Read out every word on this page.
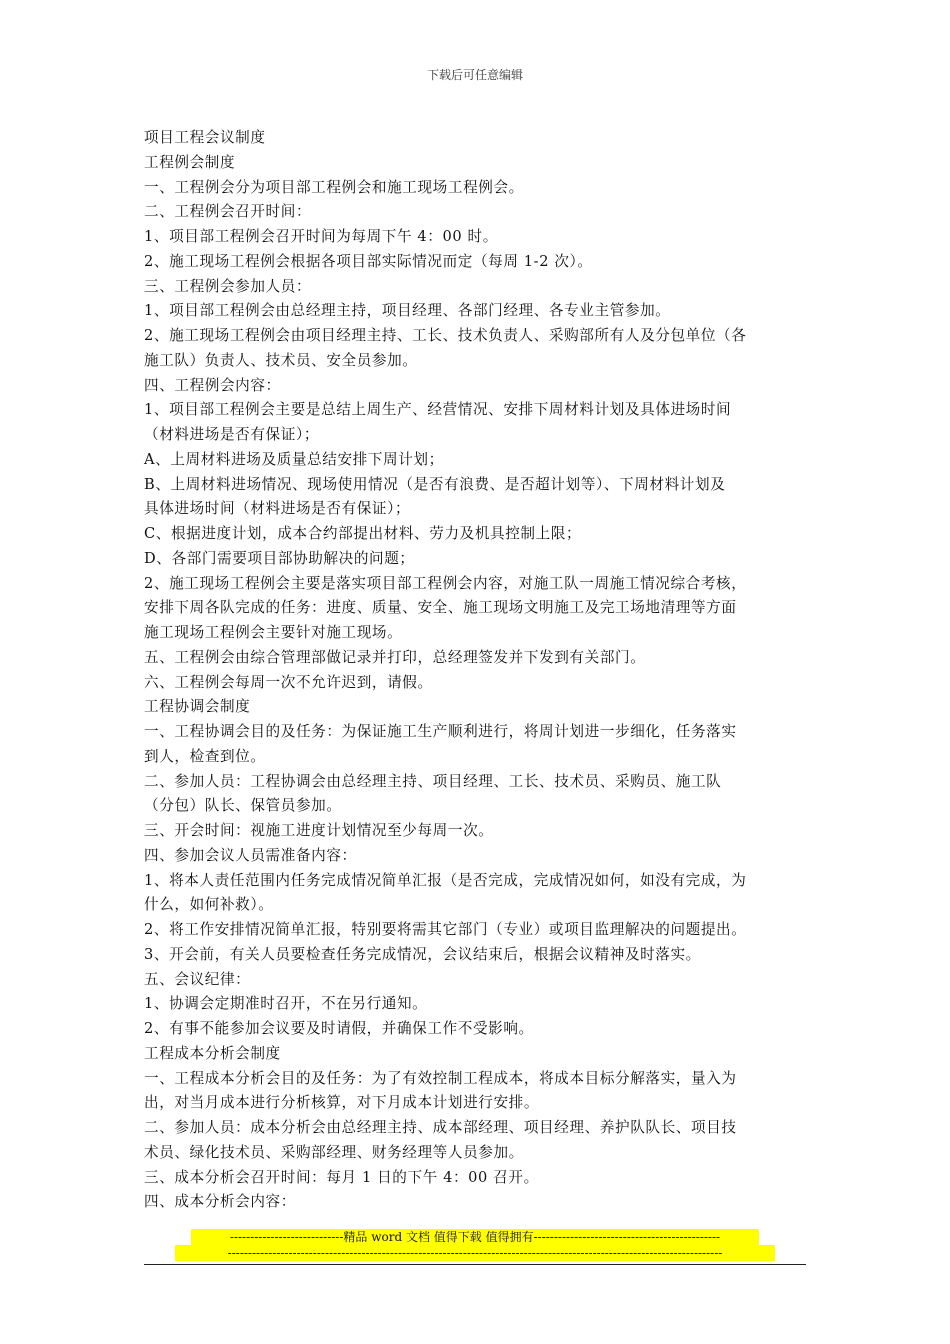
下载后可任意编辑
项目工程会议制度
工程例会制度
一、工程例会分为项目部工程例会和施工现场工程例会。
二、工程例会召开时间：
1、项目部工程例会召开时间为每周下午 4：00 时。
2、施工现场工程例会根据各项目部实际情况而定（每周 1-2 次）。
三、工程例会参加人员：
1、项目部工程例会由总经理主持，项目经理、各部门经理、各专业主管参加。
2、施工现场工程例会由项目经理主持、工长、技术负责人、采购部所有人及分包单位（各
施工队）负责人、技术员、安全员参加。
四、工程例会内容：
1、项目部工程例会主要是总结上周生产、经营情况、安排下周材料计划及具体进场时间
（材料进场是否有保证）；
A、上周材料进场及质量总结安排下周计划；
B、上周材料进场情况、现场使用情况（是否有浪费、是否超计划等）、下周材料计划及
具体进场时间（材料进场是否有保证）；
C、根据进度计划，成本合约部提出材料、劳力及机具控制上限；
D、各部门需要项目部协助解决的问题；
2、施工现场工程例会主要是落实项目部工程例会内容，对施工队一周施工情况综合考核，
安排下周各队完成的任务：进度、质量、安全、施工现场文明施工及完工场地清理等方面
施工现场工程例会主要针对施工现场。
五、工程例会由综合管理部做记录并打印，总经理签发并下发到有关部门。
六、工程例会每周一次不允许迟到，请假。
工程协调会制度
一、工程协调会目的及任务：为保证施工生产顺利进行，将周计划进一步细化，任务落实
到人，检查到位。
二、参加人员：工程协调会由总经理主持、项目经理、工长、技术员、采购员、施工队
（分包）队长、保管员参加。
三、开会时间：视施工进度计划情况至少每周一次。
四、参加会议人员需准备内容：
1、将本人责任范围内任务完成情况简单汇报（是否完成，完成情况如何，如没有完成，为
什么，如何补救）。
2、将工作安排情况简单汇报，特别要将需其它部门（专业）或项目监理解决的问题提出。
3、开会前，有关人员要检查任务完成情况，会议结束后，根据会议精神及时落实。
五、会议纪律：
1、协调会定期准时召开，不在另行通知。
2、有事不能参加会议要及时请假，并确保工作不受影响。
工程成本分析会制度
一、工程成本分析会目的及任务：为了有效控制工程成本，将成本目标分解落实，量入为
出，对当月成本进行分析核算，对下月成本计划进行安排。
二、参加人员：成本分析会由总经理主持、成本部经理、项目经理、养护队队长、项目技
术员、绿化技术员、采购部经理、财务经理等人员参加。
三、成本分析会召开时间：每月 1 日的下午 4：00 召开。
四、成本分析会内容：
----------------------------精品 word 文档 值得下载 值得拥有----------------------------------------------
--------------------------------------------------------------------------------------------------------------------------
